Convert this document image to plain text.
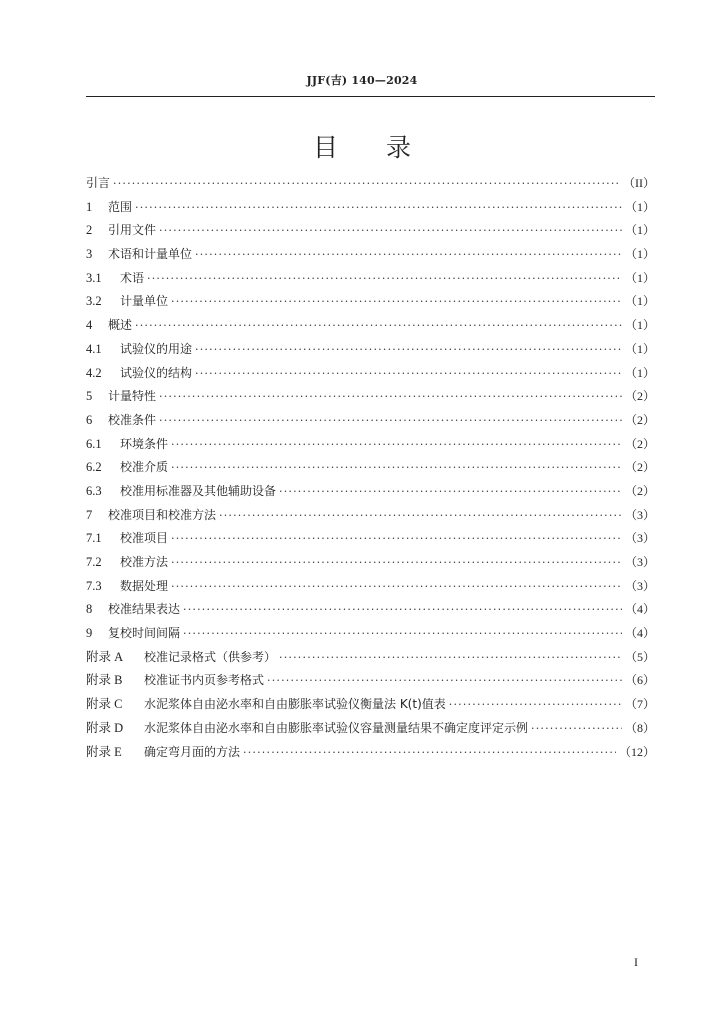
JJF(吉) 140—2024
目 录
引言 ·····	（II）
1	范围 ·····	（1）
2	引用文件 ·····	（1）
3	术语和计量单位 ·····	（1）
3.1	术语 ·····	（1）
3.2	计量单位 ·····	（1）
4	概述 ·····	（1）
4.1	试验仪的用途 ·····	（1）
4.2	试验仪的结构 ·····	（1）
5	计量特性 ·····	（2）
6	校准条件 ·····	（2）
6.1	环境条件 ·····	（2）
6.2	校准介质 ·····	（2）
6.3	校准用标准器及其他辅助设备 ·····	（2）
7	校准项目和校准方法 ·····	（3）
7.1	校准项目 ·····	（3）
7.2	校准方法 ·····	（3）
7.3	数据处理 ·····	（3）
8	校准结果表达 ·····	（4）
9	复校时间间隔 ·····	（4）
附录 A	校准记录格式（供参考） ·····	（5）
附录 B	校准证书内页参考格式 ·····	（6）
附录 C	水泥浆体自由泌水率和自由膨胀率试验仪衡量法 K(t)值表 ·····	（7）
附录 D	水泥浆体自由泌水率和自由膨胀率试验仪容量测量结果不确定度评定示例 ·····	（8）
附录 E	确定弯月面的方法 ·····	（12）
I
